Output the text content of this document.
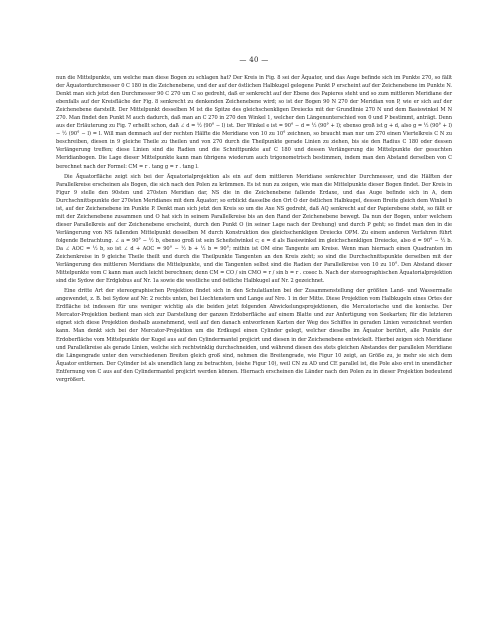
— 40 —

nun die Mittelpunkte, um welche man diese Bogen zu schlagen hat? Der Kreis in Fig. 8 sei der Äquator, und das Auge befinde sich im Punkte 270, so fällt der Äquatordurchmesser 0 C 180 in die Zeichenebene, und der auf der östlichen Halbkugel gelegene Punkt P erscheint auf der Zeichenebene im Punkte N. Denkt man sich jetzt den Durchmesser 90 C 270 um C so gedreht, daß er senkrecht auf der Ebene des Papieres steht und so zum mittleren Meridiane der ebenfalls auf der Kreisfläche der Fig. 8 senkrecht zu denkenden Zeichenebene wird; so ist der Bogen 90 N 270 der Meridian von P, wie er sich auf der Zeichenebene darstellt. Der Mittelpunkt desselben M ist die Spitze des gleichschenkligen Dreiecks mit der Grundlinie 270 N und dem Basiswinkel M N 270. Man findet den Punkt M auch dadurch, daß man an C 270 in 270 den Winkel 1, welcher den Längenunterschied von 0 und P bestimmt, anträgt. Denn aus der Erläuterung zu Fig. 7 erhellt schon, daß ∠ d = ½ (90° − l) ist. Der Winkel e ist = 90° − d = ½ (90° + l); ebenso groß ist g + d, also g = ½ (90° + l) − ½ (90° − l) = l. Will man demnach auf der rechten Hälfte die Meridiane von 10 zu 10° zeichnen, so braucht man nur um 270 einen Viertelkreis C N zu beschreiben, diesen in 9 gleiche Theile zu theilen und von 270 durch die Theilpunkte gerade Linien zu ziehen, bis sie den Radius C 180 oder dessen Verlängerung treffen; diese Linien sind die Radien und die Schnittpunkte auf C 180 und dessen Verlängerung die Mittelpunkte der gesuchten Meridianbogen. Die Lage dieser Mittelpunkte kann man übrigens wiederum auch trigonometrisch bestimmen, indem man den Abstand derselben von C berechnet nach der Formel: CM = r . tang g = r . tang l.

Die Äquatorfläche zeigt sich bei der Äquatorialprojektion als ein auf dem mittleren Meridiane senkrechter Durchmesser, und die Hälften der Parallelkreise erscheinen als Bogen, die sich nach den Polen zu krümmen. Es ist nun zu zeigen, wie man die Mittelpunkte dieser Bogen findet. Der Kreis in Figur 9 stelle den 90sten und 270sten Meridian dar, NS die in die Zeichenebene fallende Erdaxe, und das Auge befinde sich in A, dem Durchschnittspunkte der 270sten Meridianes mit dem Äquator; so erblickt dasselbe den Ort O der östlichen Halbkugel, dessen Breite gleich dem Winkel b ist, auf der Zeichenebene im Punkte P. Denkt man sich jetzt den Kreis so um die Axe NS gedreht, daß AQ senkrecht auf der Papierebene steht, so fällt er mit der Zeichenebene zusammen und O hat sich in seinem Parallelkreise bis an den Rand der Zeichenebene bewegt. Da nun der Bogen, unter welchem dieser Parallelkreis auf der Zeichenebene erscheint, durch den Punkt O (in seiner Lage nach der Drehung) und durch P geht; so findet man den in die Verlängerung von NS fallenden Mittelpunkt desselben M durch Konstruktion des gleichschenkligen Dreiecks OPM. Zu einem anderen Verfahren führt folgende Betrachtung. ∠ a = 90° − ½ b, ebenso groß ist sein Scheitelwinkel c; e = d als Basiswinkel im gleichschenkligen Dreiecke, also d = 90° − ½ b. Da ∠ AOC = ½ b, so ist ∠ d + AOC = 90° − ½ b + ½ b = 90°; mithin ist OM eine Tangente am Kreise. Wenn man hiernach einen Quadranten im Zeichenkreise in 9 gleiche Theile theilt und durch die Theilpunkte Tangenten an den Kreis zieht; so sind die Durchschnittspunkte derselben mit der Verlängerung des mittleren Meridians die Mittelpunkte, und die Tangenten selbst sind die Radien der Parallelkreise von 10 zu 10°. Den Abstand dieser Mittelpunkte vom C kann man auch leicht berechnen; denn CM = CO / sin CMO = r / sin b = r . cosec b. Nach der stereographischen Äquatorialprojektion sind die Sydow der Erdglobus auf Nr. 1a sowie die westliche und östliche Halbkugel auf Nr. 2 gezeichnet.

Eine dritte Art der stereographischen Projektion findet sich in den Schulatlanten bei der Zusammenstellung der größten Land- und Wassermaße angewendet, z. B. bei Sydow auf Nr. 2 rechts unten, bei Liechtenstern und Lange auf Nro. 1 in der Mitte. Diese Projektion vom Halbkugeln eines Ortes der Erdfläche ist indessen für uns weniger wichtig als die beiden jetzt folgenden Abwickelungsprojektionen, die Mercatorische und die konische. Der Mercator-Projektion bedient man sich zur Darstellung der ganzen Erdoberfläche auf einem Blatte und zur Anfertigung von Seekarten; für die letzteren eignet sich diese Projektion deshalb ausnehmend, weil auf den danach entworfenen Karten der Weg des Schiffes in geraden Linien verzeichnet werden kann. Man denkt sich bei der Mercator-Projektion um die Erdkugel einen Cylinder gelegt, welcher dieselbe im Äquator berührt, alle Punkte der Erdoberfläche vom Mittelpunkte der Kugel aus auf den Cylindermantel projicirt und diesen in der Zeichenebene entwickelt. Hierbei zeigen sich Meridiane und Parallelkreise als gerade Linien, welche sich rechtwinklig durchschneiden, und während diesen des stets gleichen Abstandes der parallelen Meridiane die Längengrade unter den verschiedenen Breiten gleich groß sind, nehmen die Breitengrade, wie Figur 10 zeigt, an Größe zu, je mehr sie sich dem Äquator entfernen. Der Cylinder ist als unendlich lang zu betrachten, (siehe Figur 10), weil CN zu AD und CE parallel ist, die Pole also erst in unendlicher Entfernung von C aus auf den Cylindermantel projicirt werden können. Hiernach erscheinen die Länder nach den Polen zu in dieser Projektion bedeutend vergrößert.
